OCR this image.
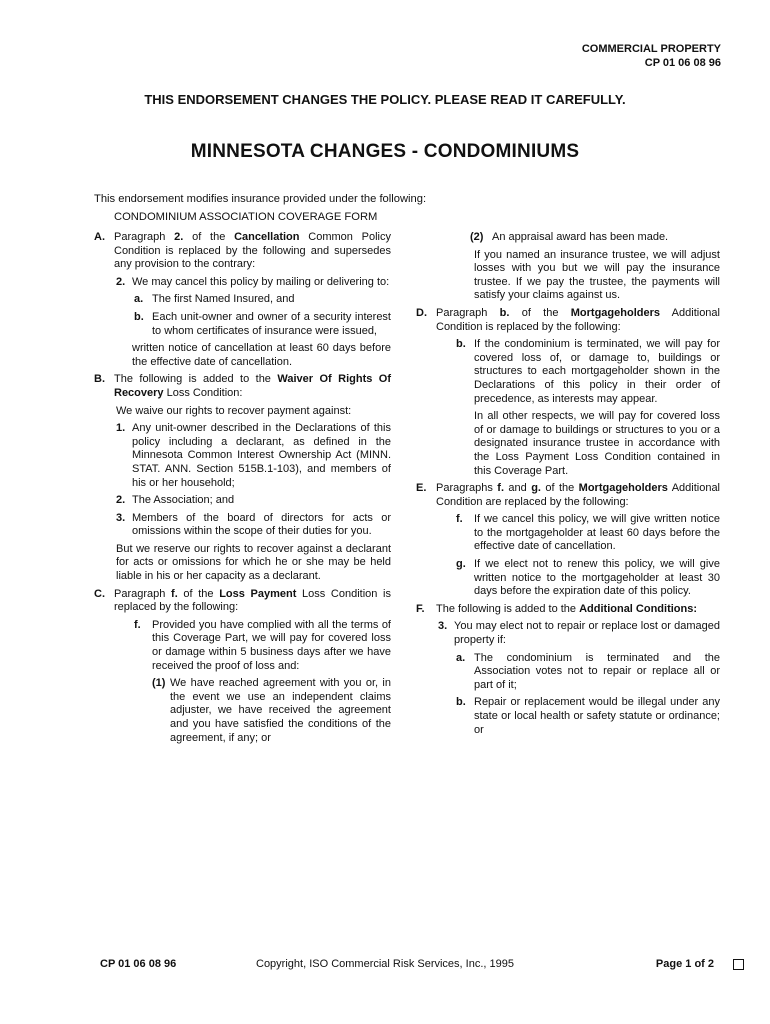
COMMERCIAL PROPERTY
CP 01 06 08 96
THIS ENDORSEMENT CHANGES THE POLICY. PLEASE READ IT CAREFULLY.
MINNESOTA CHANGES - CONDOMINIUMS
This endorsement modifies insurance provided under the following:
CONDOMINIUM ASSOCIATION COVERAGE FORM
A. Paragraph 2. of the Cancellation Common Policy Condition is replaced by the following and supersedes any provision to the contrary:
2. We may cancel this policy by mailing or delivering to:
a. The first Named Insured, and
b. Each unit-owner and owner of a security interest to whom certificates of insurance were issued,
written notice of cancellation at least 60 days before the effective date of cancellation.
B. The following is added to the Waiver Of Rights Of Recovery Loss Condition:
We waive our rights to recover payment against:
1. Any unit-owner described in the Declarations of this policy including a declarant, as defined in the Minnesota Common Interest Ownership Act (MINN. STAT. ANN. Section 515B.1-103), and members of his or her household;
2. The Association; and
3. Members of the board of directors for acts or omissions within the scope of their duties for you.
But we reserve our rights to recover against a declarant for acts or omissions for which he or she may be held liable in his or her capacity as a declarant.
C. Paragraph f. of the Loss Payment Loss Condition is replaced by the following:
f. Provided you have complied with all the terms of this Coverage Part, we will pay for covered loss or damage within 5 business days after we have received the proof of loss and:
(1) We have reached agreement with you or, in the event we use an independent claims adjuster, we have received the agreement and you have satisfied the conditions of the agreement, if any; or
(2) An appraisal award has been made.
If you named an insurance trustee, we will adjust losses with you but we will pay the insurance trustee. If we pay the trustee, the payments will satisfy your claims against us.
D. Paragraph b. of the Mortgageholders Additional Condition is replaced by the following:
b. If the condominium is terminated, we will pay for covered loss of, or damage to, buildings or structures to each mortgageholder shown in the Declarations of this policy in their order of precedence, as interests may appear.
In all other respects, we will pay for covered loss of or damage to buildings or structures to you or a designated insurance trustee in accordance with the Loss Payment Loss Condition contained in this Coverage Part.
E. Paragraphs f. and g. of the Mortgageholders Additional Condition are replaced by the following:
f. If we cancel this policy, we will give written notice to the mortgageholder at least 60 days before the effective date of cancellation.
g. If we elect not to renew this policy, we will give written notice to the mortgageholder at least 30 days before the expiration date of this policy.
F. The following is added to the Additional Conditions:
3. You may elect not to repair or replace lost or damaged property if:
a. The condominium is terminated and the Association votes not to repair or replace all or part of it;
b. Repair or replacement would be illegal under any state or local health or safety statute or ordinance; or
Copyright, ISO Commercial Risk Services, Inc., 1995
CP 01 06 08 96	Page 1 of 2
